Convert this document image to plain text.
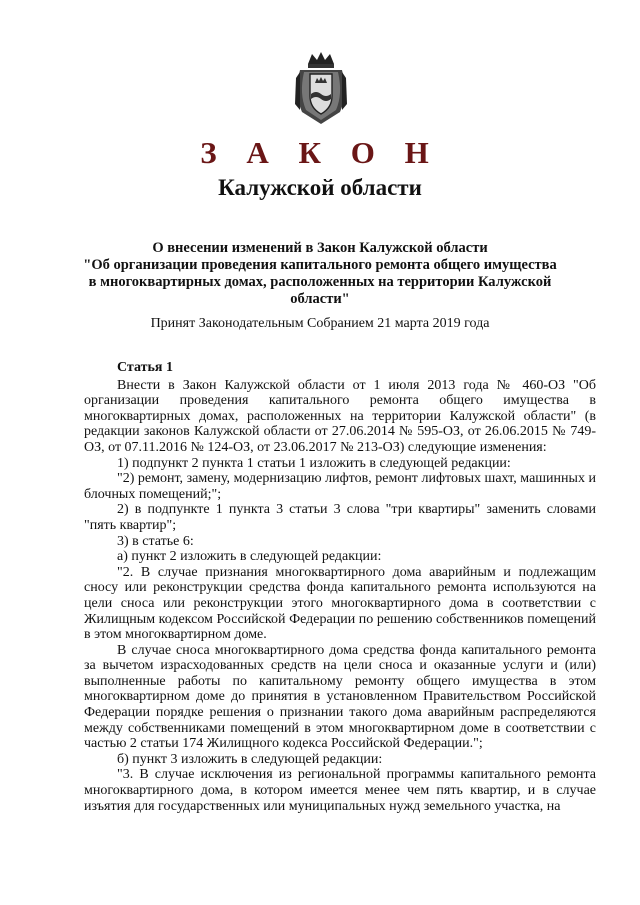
З А К О Н
Калужской области
О внесении изменений в Закон Калужской области
"Об организации проведения капитального ремонта общего имущества
в многоквартирных домах, расположенных на территории Калужской области"
Принят Законодательным Собранием 21 марта 2019 года

Статья 1

Внести в Закон Калужской области от 1 июля 2013 года № 460-ОЗ "Об организации проведения капитального ремонта общего имущества в многоквартирных домах, расположенных на территории Калужской области" (в редакции законов Калужской области от 27.06.2014 № 595-ОЗ, от 26.06.2015 № 749-ОЗ, от 07.11.2016 № 124-ОЗ, от 23.06.2017 № 213-ОЗ) следующие изменения:

1) подпункт 2 пункта 1 статьи 1 изложить в следующей редакции:

"2) ремонт, замену, модернизацию лифтов, ремонт лифтовых шахт, машинных и блочных помещений;";

2) в подпункте 1 пункта 3 статьи 3 слова "три квартиры" заменить словами "пять квартир";

3) в статье 6:

а) пункт 2 изложить в следующей редакции:

"2. В случае признания многоквартирного дома аварийным и подлежащим сносу или реконструкции средства фонда капитального ремонта используются на цели сноса или реконструкции этого многоквартирного дома в соответствии с Жилищным кодексом Российской Федерации по решению собственников помещений в этом многоквартирном доме.

В случае сноса многоквартирного дома средства фонда капитального ремонта за вычетом израсходованных средств на цели сноса и оказанные услуги и (или) выполненные работы по капитальному ремонту общего имущества в этом многоквартирном доме до принятия в установленном Правительством Российской Федерации порядке решения о признании такого дома аварийным распределяются между собственниками помещений в этом многоквартирном доме в соответствии с частью 2 статьи 174 Жилищного кодекса Российской Федерации.";

б) пункт 3 изложить в следующей редакции:

"3. В случае исключения из региональной программы капитального ремонта многоквартирного дома, в котором имеется менее чем пять квартир, и в случае изъятия для государственных или муниципальных нужд земельного участка, на
